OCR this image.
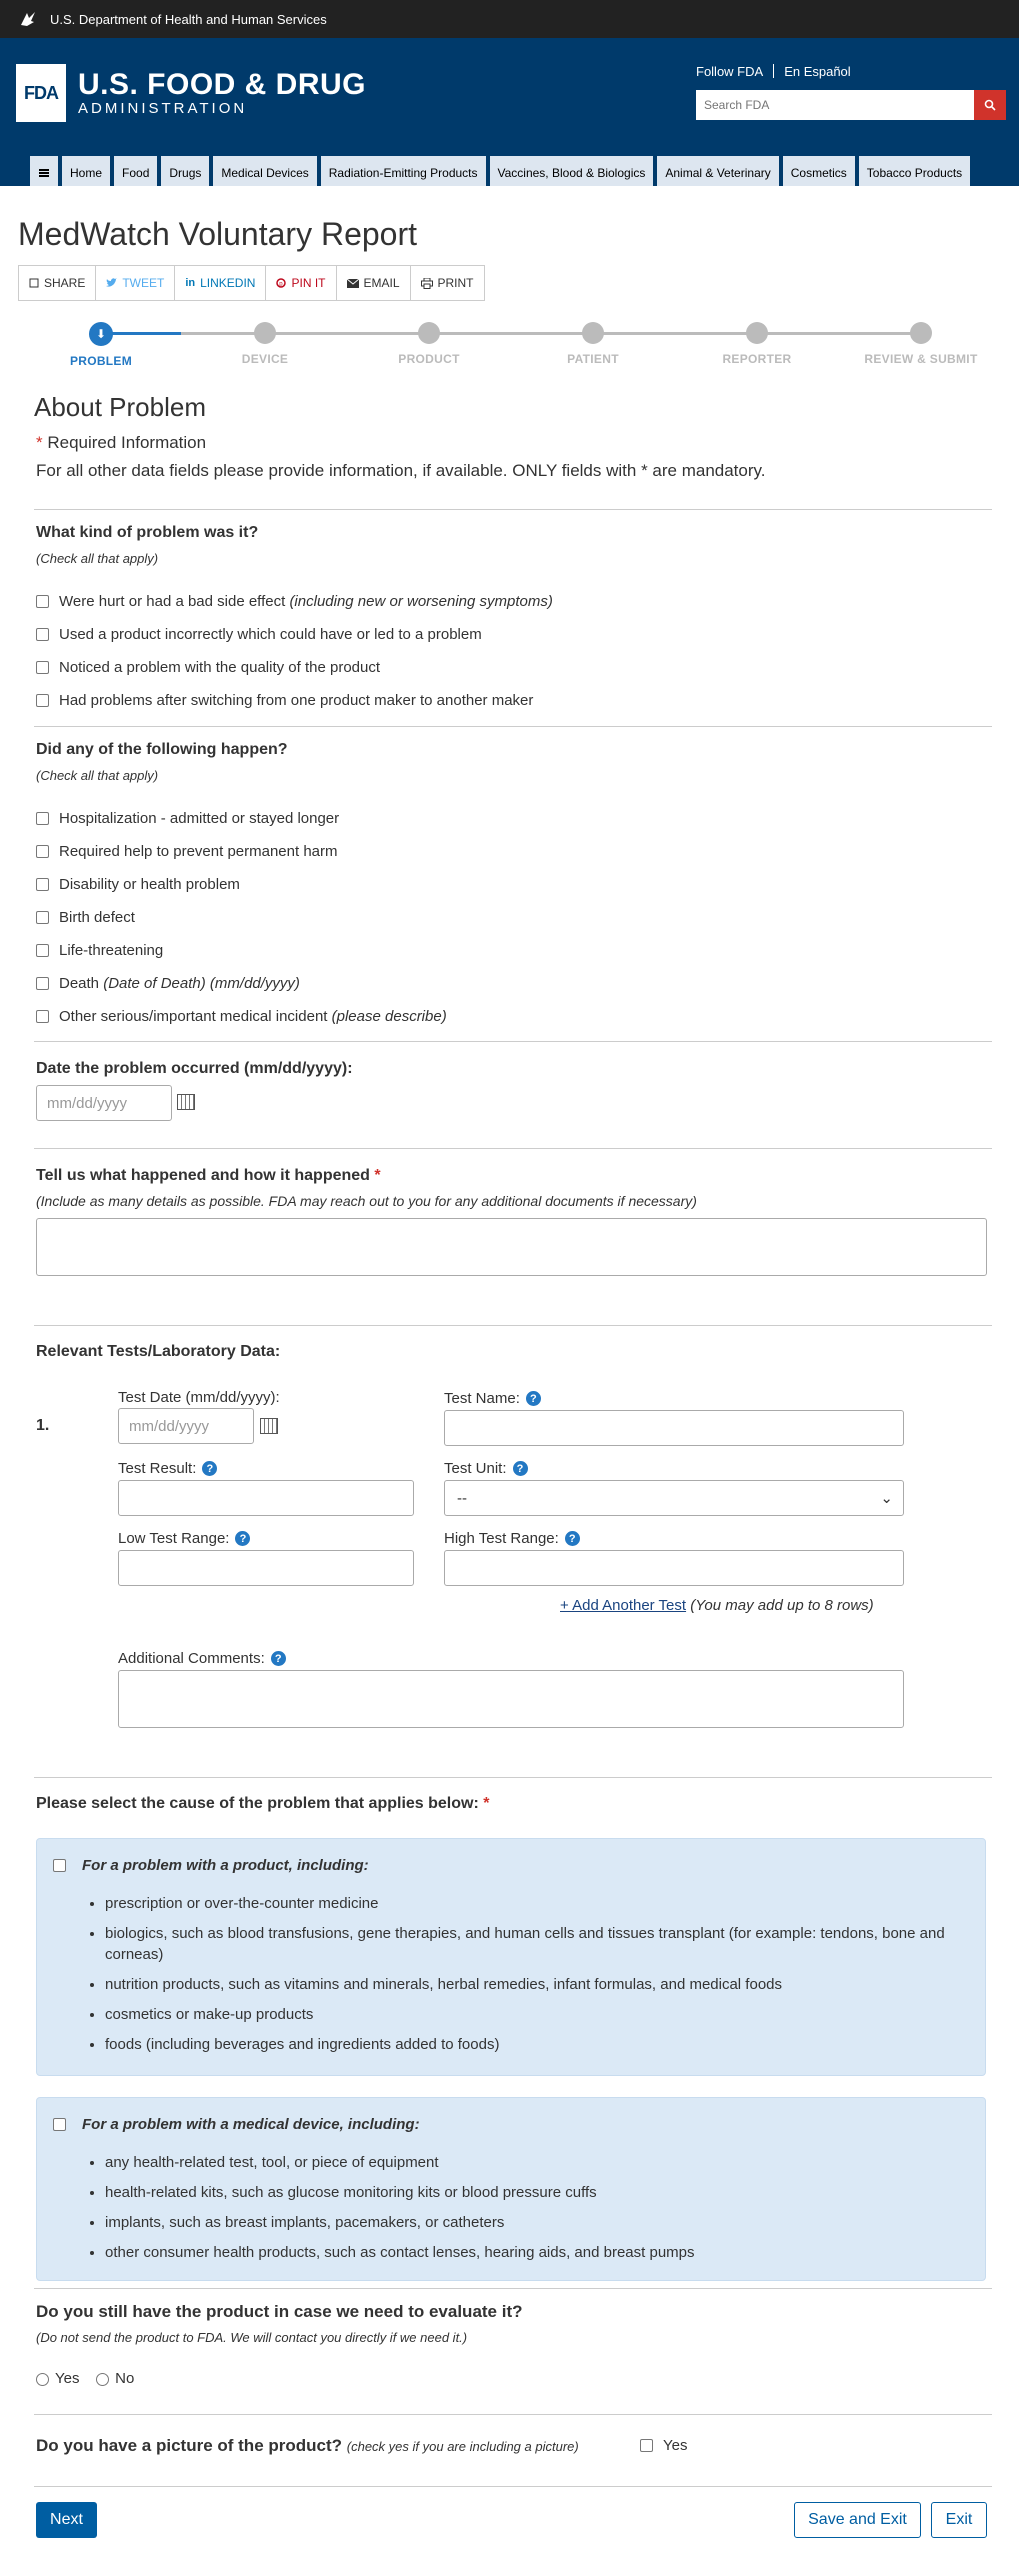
U.S. Department of Health and Human Services
FDA U.S. FOOD & DRUG
ADMINISTRATION
Follow FDA En Español
Search FDA
Home	Food	Drugs	Medical Devices	Radiation-Emitting Products	Vaccines, Blood & Biologics	Animal & Veterinary	Cosmetics	Tobacco Products
MedWatch Voluntary Report
SHARE	TWEET in LINKEDIN	p PIN IT	EMAIL	PRINT
⬇
PROBLEM	DEVICE	PRODUCT	PATIENT	REPORTER	REVIEW & SUBMIT
About Problem
* Required Information
For all other data fields please provide information, if available. ONLY fields with * are mandatory.
What kind of problem was it?
(Check all that apply)
Were hurt or had a bad side effect
(including new or worsening symptoms)
Used a product incorrectly which could have or led to a problem
Noticed a problem with the quality of the product
Had problems after switching from one product maker to another maker
Did any of the following happen?
(Check all that apply)
Hospitalization - admitted or stayed longer
Required help to prevent permanent harm
Disability or health problem
Birth defect
Life-threatening
Death
(Date of Death) (mm/dd/yyyy)
Other serious/important medical incident
(please describe)
Date the problem occurred (mm/dd/yyyy):
mm/dd/yyyy
Tell us what happened and how it happened *
(Include as many details as possible. FDA may reach out to you for any additional documents if necessary)
Relevant Tests/Laboratory Data:
1.
Test Date (mm/dd/yyyy):
mm/dd/yyyy
Test Name: ?
Test Result: ?	Test Unit: ?
--	⌄
Low Test Range: ?	High Test Range: ?
+ Add Another Test (You may add up to 8 rows)
Additional Comments: ?
Please select the cause of the problem that applies below: *
For a problem with a product, including:
• prescription or over-the-counter medicine
• biologics, such as blood transfusions, gene therapies, and human cells and tissues transplant (for example: tendons, bone and corneas)
• nutrition products, such as vitamins and minerals, herbal remedies, infant formulas, and medical foods
• cosmetics or make-up products
• foods (including beverages and ingredients added to foods)
For a problem with a medical device, including:
• any health-related test, tool, or piece of equipment
• health-related kits, such as glucose monitoring kits or blood pressure cuffs
• implants, such as breast implants, pacemakers, or catheters
• other consumer health products, such as contact lenses, hearing aids, and breast pumps
Do you still have the product in case we need to evaluate it?
(Do not send the product to FDA. We will contact you directly if we need it.)
Yes No
Do you have a picture of the product? (check yes if you are including a picture)	Yes
Next	Save and Exit	Exit
